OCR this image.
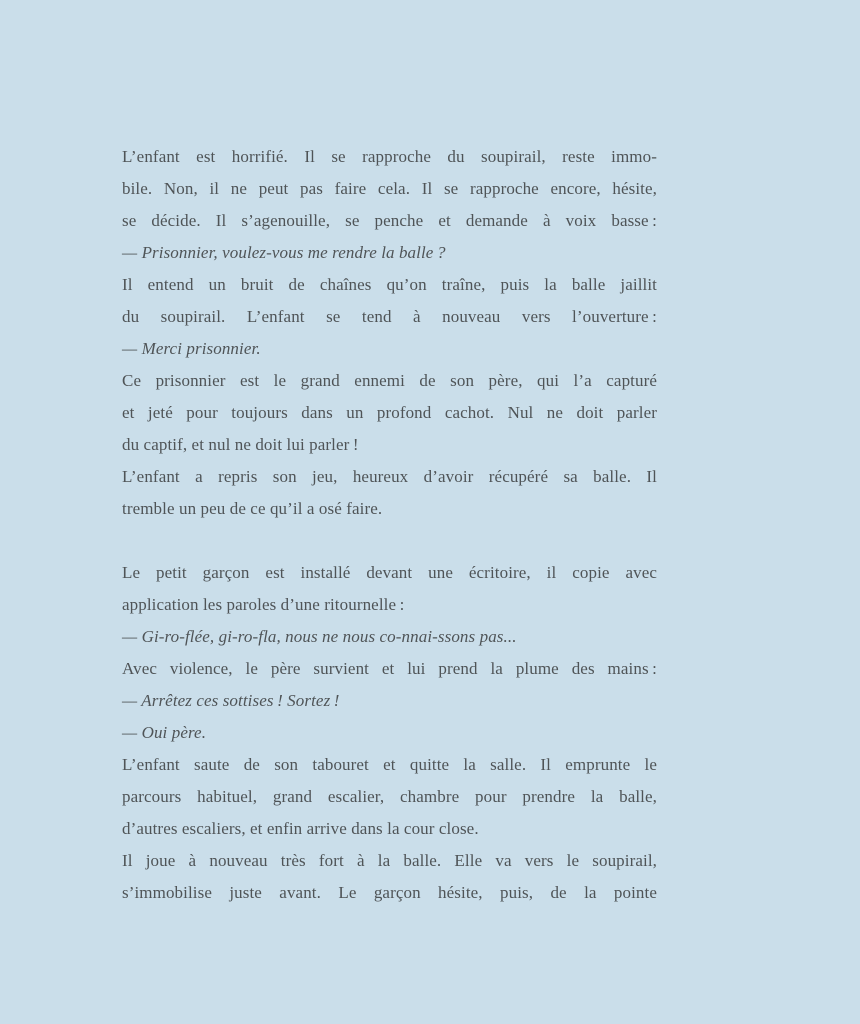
L’enfant est horrifié. Il se rapproche du soupirail, reste immo-
bile. Non, il ne peut pas faire cela. Il se rapproche encore, hésite,
se décide. Il s’agenouille, se penche et demande à voix basse :
— Prisonnier, voulez-vous me rendre la balle ?
Il entend un bruit de chaînes qu’on traîne, puis la balle jaillit
du soupirail. L’enfant se tend à nouveau vers l’ouverture :
— Merci prisonnier.
Ce prisonnier est le grand ennemi de son père, qui l’a capturé
et jeté pour toujours dans un profond cachot. Nul ne doit parler
du captif, et nul ne doit lui parler !
L’enfant a repris son jeu, heureux d’avoir récupéré sa balle. Il
tremble un peu de ce qu’il a osé faire.
Le petit garçon est installé devant une écritoire, il copie avec
application les paroles d’une ritournelle :
— Gi-ro-flée, gi-ro-fla, nous ne nous co-nnai-ssons pas...
Avec violence, le père survient et lui prend la plume des mains :
— Arrêtez ces sottises ! Sortez !
— Oui père.
L’enfant saute de son tabouret et quitte la salle. Il emprunte le
parcours habituel, grand escalier, chambre pour prendre la balle,
d’autres escaliers, et enfin arrive dans la cour close.
Il joue à nouveau très fort à la balle. Elle va vers le soupirail,
s’immobilise juste avant. Le garçon hésite, puis, de la pointe
